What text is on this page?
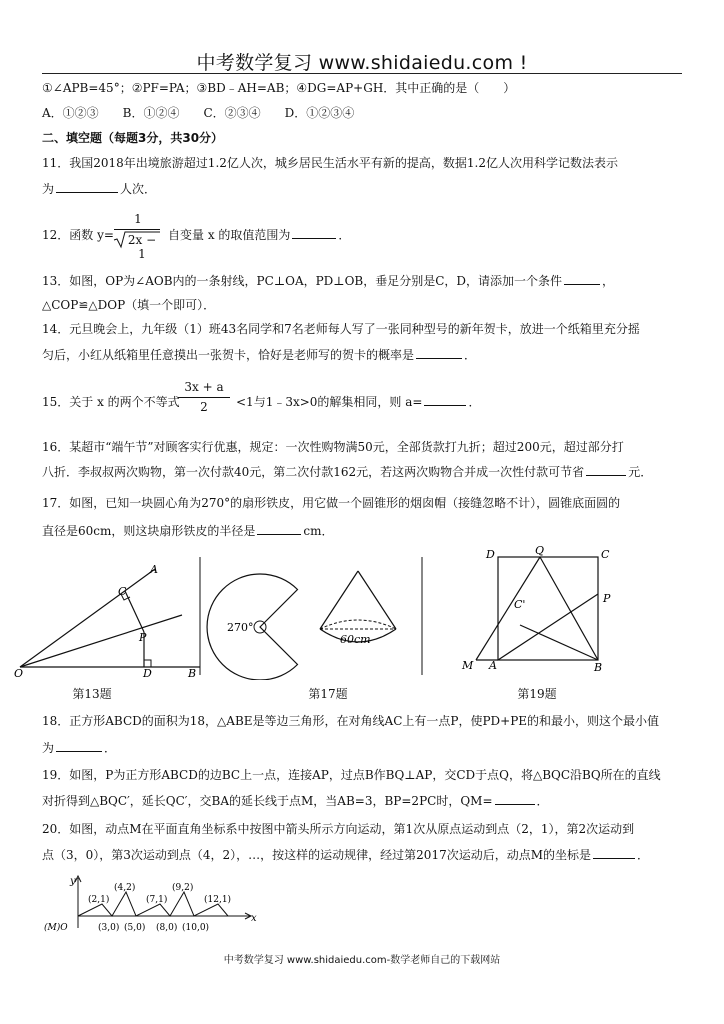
中考数学复习 www.shidaiedu.com !
①∠APB=45°；②PF=PA；③BD﹣AH=AB；④DG=AP+GH．其中正确的是（　　）
A．①②③　　B．①②④　　C．②③④　　D．①②③④
二、填空题（每题3分，共30分）
11．我国2018年出境旅游超过1.2亿人次，城乡居民生活水平有新的提高，数据1.2亿人次用科学记数法表示
为	人次．
12．函数 y=
1
2x − 1
自变量 x 的取值范围为	．
13．如图，OP为∠AOB内的一条射线，PC⊥OA，PD⊥OB，垂足分别是C，D，请添加一个条件	，
△COP≌△DOP（填一个即可）．
14．元旦晚会上，九年级（1）班43名同学和7名老师每人写了一张同种型号的新年贺卡，放进一个纸箱里充分摇
匀后，小红从纸箱里任意摸出一张贺卡，恰好是老师写的贺卡的概率是	．
15．关于 x 的两个不等式
3x + a
2	<1与1﹣3x>0的解集相同，则 a=	．
16．某超市“端午节”对顾客实行优惠，规定：一次性购物满50元，全部货款打九折；超过200元，超过部分打
八折．李叔叔两次购物，第一次付款40元，第二次付款162元，若这两次购物合并成一次性付款可节省	元．
17．如图，已知一块圆心角为270°的扇形铁皮，用它做一个圆锥形的烟囱帽（接缝忽略不计），圆锥底面圆的
直径是60cm，则这块扇形铁皮的半径是	cm．
A
C
P
O	D	B
270°
60cm
D	Q	C
C'	P
M A	B
第13题	第17题	第19题
18．正方形ABCD的面积为18，△ABE是等边三角形，在对角线AC上有一点P，使PD+PE的和最小，则这个最小值
为	．
19．如图，P为正方形ABCD的边BC上一点，连接AP，过点B作BQ⊥AP，交CD于点Q，将△BQC沿BQ所在的直线
对折得到△BQC′，延长QC′，交BA的延长线于点M，当AB=3，BP=2PC时，QM=	．
20．如图，动点M在平面直角坐标系中按图中箭头所示方向运动，第1次从原点运动到点（2，1），第2次运动到
点（3，0），第3次运动到点（4，2），…，按这样的运动规律，经过第2017次运动后，动点M的坐标是	．
y
x
(M)O
(2,1)
(4,2)
(7,1)
(9,2)
(12,1)
(3,0) (5,0) (8,0) (10,0)
中考数学复习 www.shidaiedu.com-数学老师自己的下载网站
